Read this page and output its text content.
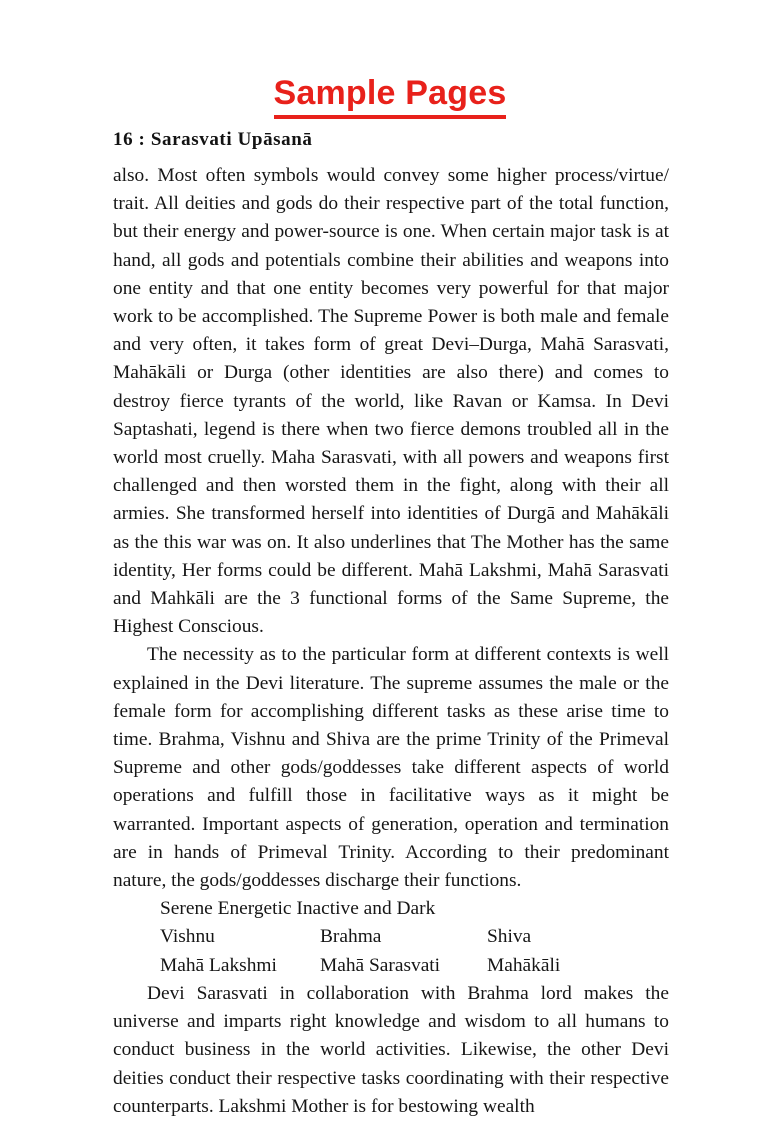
Sample Pages
16 : Sarasvati Upāsanā

also. Most often symbols would convey some higher process/virtue/ trait. All deities and gods do their respective part of the total function, but their energy and power-source is one. When certain major task is at hand, all gods and potentials combine their abilities and weapons into one entity and that one entity becomes very powerful for that major work to be accomplished. The Supreme Power is both male and female and very often, it takes form of great Devi–Durga, Mahā Sarasvati, Mahākāli or Durga (other identities are also there) and comes to destroy fierce tyrants of the world, like Ravan or Kamsa. In Devi Saptashati, legend is there when two fierce demons troubled all in the world most cruelly. Maha Sarasvati, with all powers and weapons first challenged and then worsted them in the fight, along with their all armies. She transformed herself into identities of Durgā and Mahākāli as the this war was on. It also underlines that The Mother has the same identity, Her forms could be different. Mahā Lakshmi, Mahā Sarasvati and Mahkāli are the 3 functional forms of the Same Supreme, the Highest Conscious.

The necessity as to the particular form at different contexts is well explained in the Devi literature. The supreme assumes the male or the female form for accomplishing different tasks as these arise time to time. Brahma, Vishnu and Shiva are the prime Trinity of the Primeval Supreme and other gods/goddesses take different aspects of world operations and fulfill those in facilitative ways as it might be warranted. Important aspects of generation, operation and termination are in hands of Primeval Trinity. According to their predominant nature, the gods/goddesses discharge their functions.

Serene Energetic Inactive and Dark
Vishnu	Brahma	Shiva
Mahā Lakshmi	Mahā Sarasvati	Mahākāli

Devi Sarasvati in collaboration with Brahma lord makes the universe and imparts right knowledge and wisdom to all humans to conduct business in the world activities. Likewise, the other Devi deities conduct their respective tasks coordinating with their respective counterparts. Lakshmi Mother is for bestowing wealth
